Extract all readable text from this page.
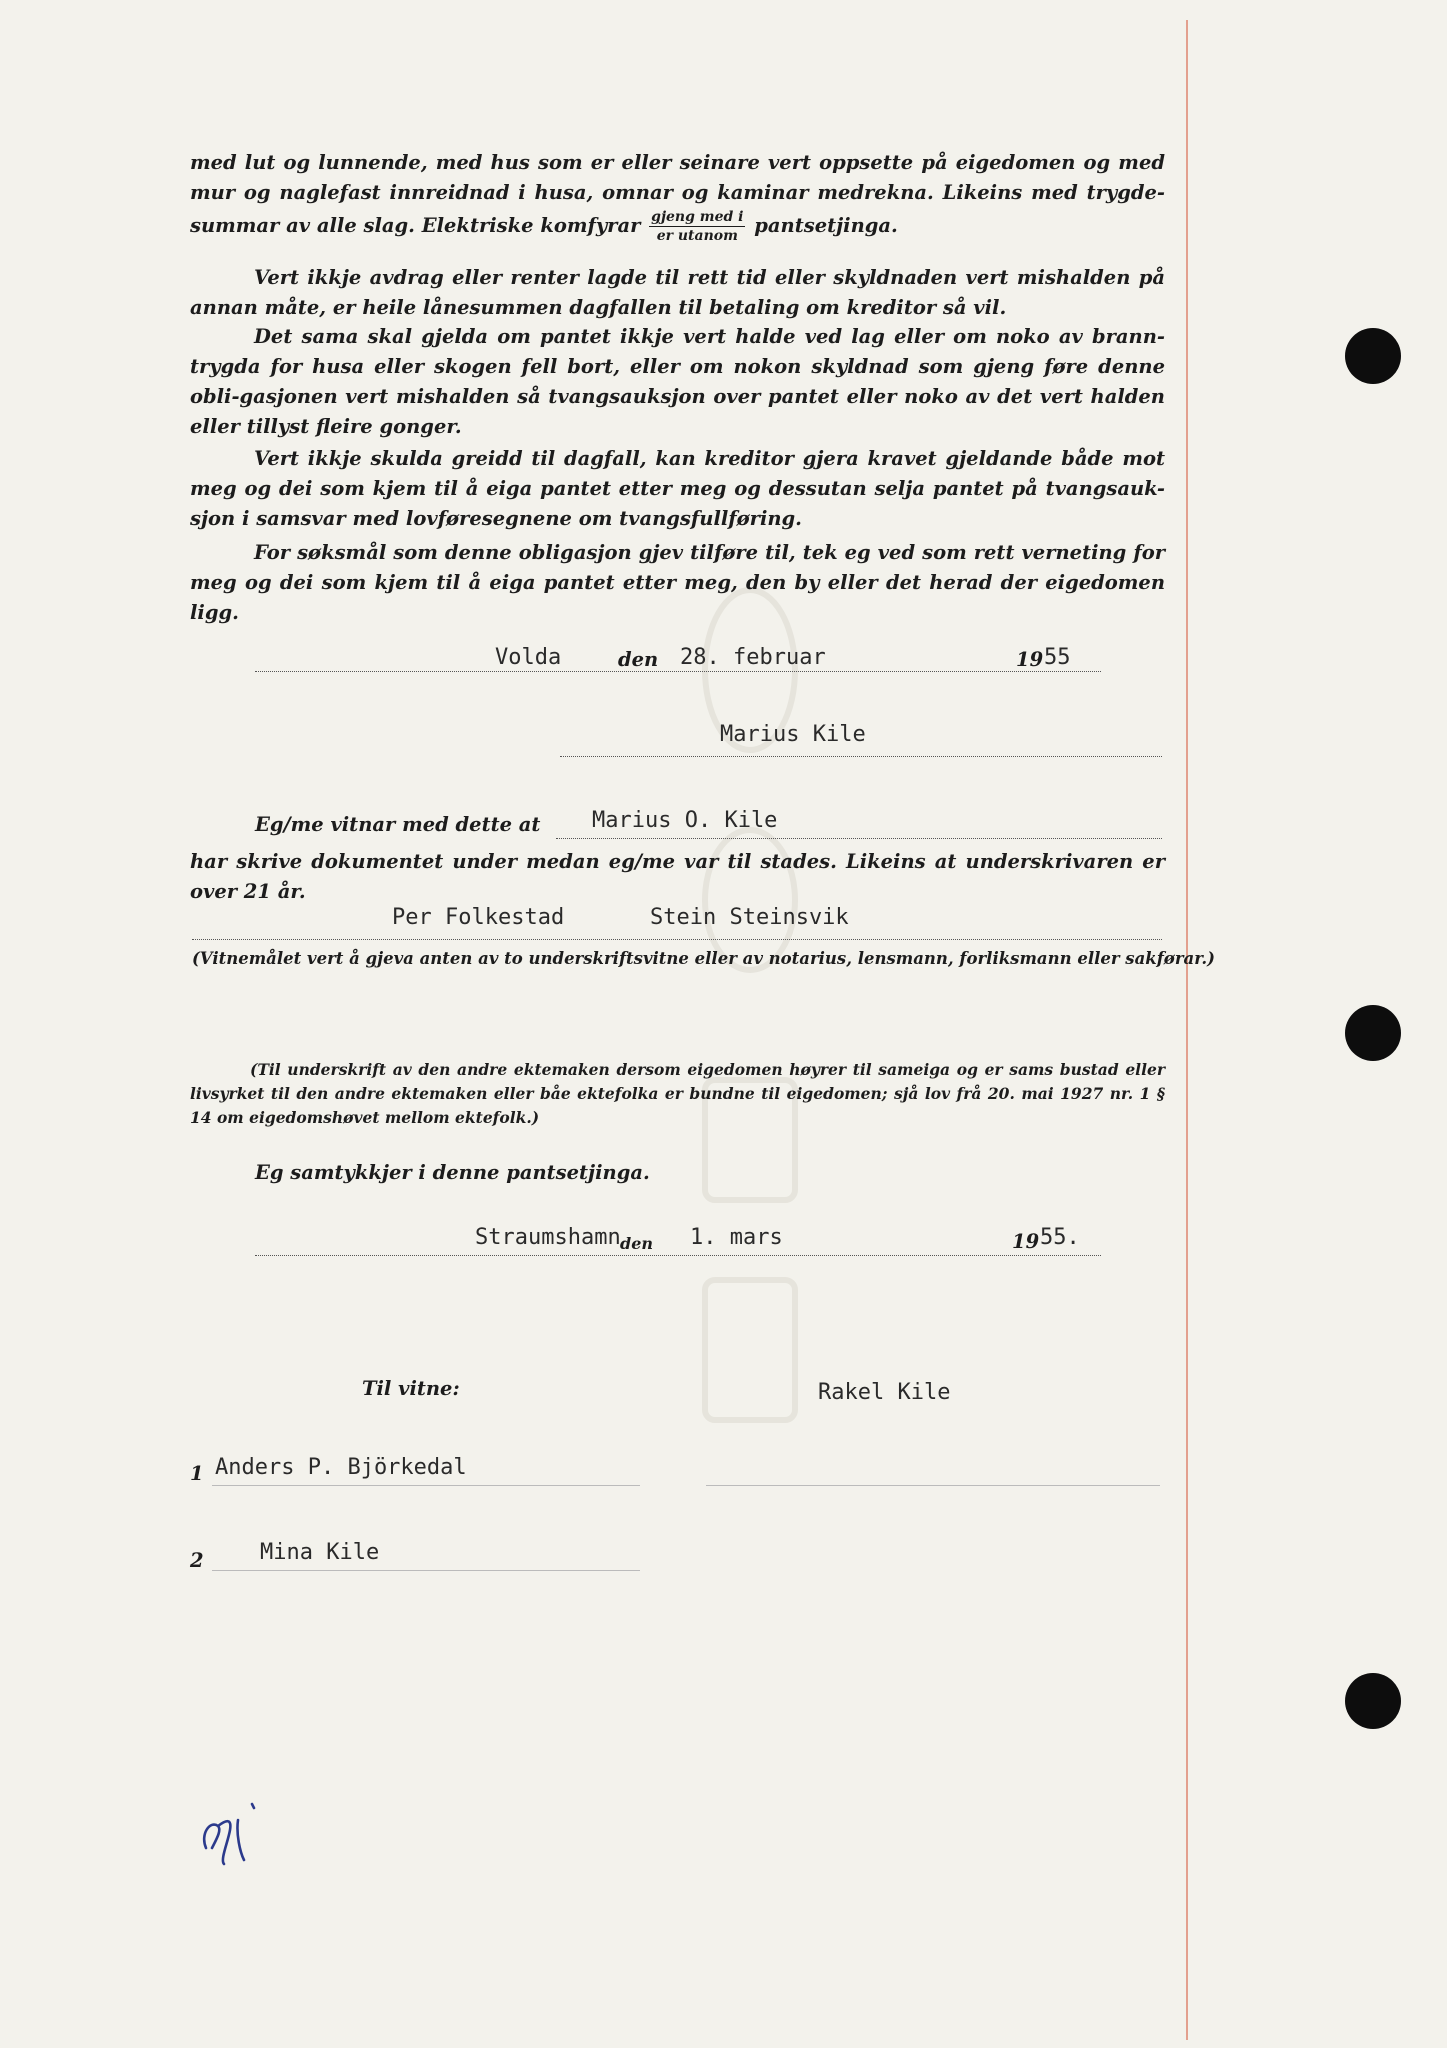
med lut og lunnende, med hus som er eller seinare vert oppsette på eigedomen og med mur og naglefast innreidnad i husa, omnar og kaminar medrekna. Likeins med trygde-summar av alle slag. Elektriske komfyrar $\frac{\text{gjeng med i}}{\text{er utanom}}$ pantsetjinga.
Vert ikkje avdrag eller renter lagde til rett tid eller skyldnaden vert mishalden på annan måte, er heile lånesummen dagfallen til betaling om kreditor så vil.
Det sama skal gjelda om pantet ikkje vert halde ved lag eller om noko av brann-trygda for husa eller skogen fell bort, eller om nokon skyldnad som gjeng føre denne obli-gasjonen vert mishalden så tvangsauksjon over pantet eller noko av det vert halden eller tillyst fleire gonger.
Vert ikkje skulda greidd til dagfall, kan kreditor gjera kravet gjeldande både mot meg og dei som kjem til å eiga pantet etter meg og dessutan selja pantet på tvangsauk-sjon i samsvar med lovføresegnene om tvangsfullføring.
For søksmål som denne obligasjon gjev tilføre til, tek eg ved som rett verneting for meg og dei som kjem til å eiga pantet etter meg, den by eller det herad der eigedomen ligg.
Volda	den 28. februar	19 55
Marius Kile
Eg/me vitnar med dette at Marius O. Kile
har skrive dokumentet under medan eg/me var til stades. Likeins at underskrivaren er over 21 år.
Per Folkestad	Stein Steinsvik
(Vitnemålet vert å gjeva anten av to underskriftsvitne eller av notarius, lensmann, forliksmann eller sakførar.)
(Til underskrift av den andre ektemaken dersom eigedomen høyrer til sameiga og er sams bustad eller livsyrket til den andre ektemaken eller båe ektefolka er bundne til eigedomen; sjå lov frå 20. mai 1927 nr. 1 § 14 om eigedomshøvet mellom ektefolk.)
Eg samtykkjer i denne pantsetjinga.
Straumshamn den 1. mars	19 55.
Til vitne:	Rakel Kile
1 Anders P. Björkedal
2	Mina Kile
